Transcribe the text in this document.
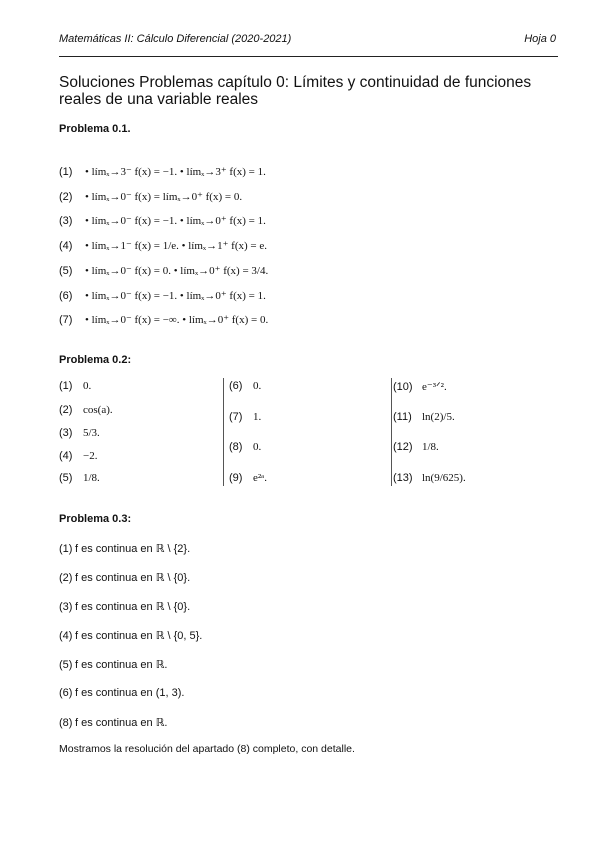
Matemáticas II: Cálculo Diferencial (2020-2021)	Hoja 0
Soluciones Problemas capítulo 0: Límites y continuidad de funciones reales de una variable reales
Problema 0.1.
(1) • límₓ→3⁻ f(x) = −1. • límₓ→3⁺ f(x) = 1.
(2) • límₓ→0⁻ f(x) = límₓ→0⁺ f(x) = 0.
(3) • límₓ→0⁻ f(x) = −1. • límₓ→0⁺ f(x) = 1.
(4) • límₓ→1⁻ f(x) = 1/e. • límₓ→1⁺ f(x) = e.
(5) • límₓ→0⁻ f(x) = 0. • límₓ→0⁺ f(x) = 3/4.
(6) • límₓ→0⁻ f(x) = −1. • límₓ→0⁺ f(x) = 1.
(7) • límₓ→0⁻ f(x) = −∞. • límₓ→0⁺ f(x) = 0.
Problema 0.2:
(1) 0.
(2) cos(a).
(3) 5/3.
(4) −2.
(5) 1/8.
(6) 0.
(7) 1.
(8) 0.
(9) e²ᵃ.
(10) e⁻³ᐟ².
(11) ln(2)/5.
(12) 1/8.
(13) ln(9/625).
Problema 0.3:
(1) f es continua en ℝ \ {2}.
(2) f es continua en ℝ \ {0}.
(3) f es continua en ℝ \ {0}.
(4) f es continua en ℝ \ {0, 5}.
(5) f es continua en ℝ.
(6) f es continua en (1, 3).
(8) f es continua en ℝ.
Mostramos la resolución del apartado (8) completo, con detalle.
